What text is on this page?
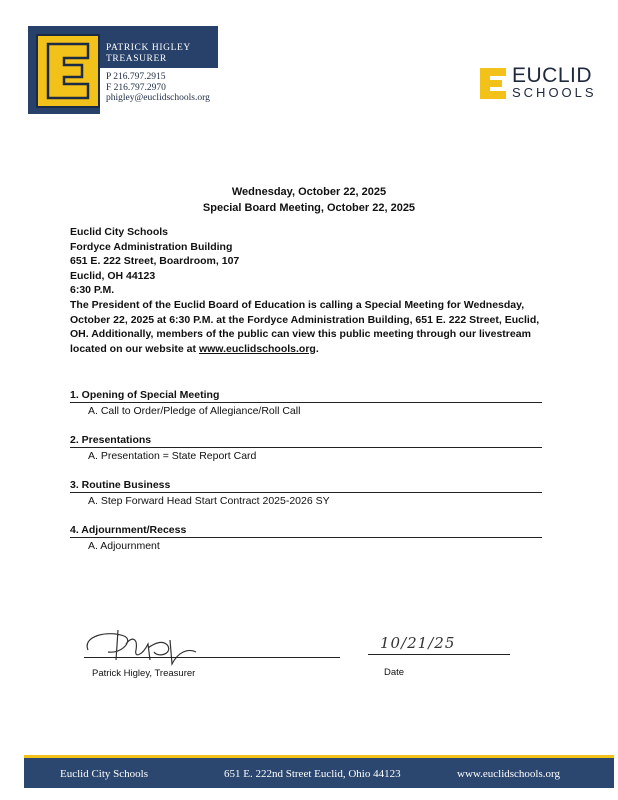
PATRICK HIGLEY
TREASURER
P 216.797.2915
F 216.797.2970
phigley@euclidschools.org
EUCLID
SCHOOLS
Wednesday, October 22, 2025
Special Board Meeting, October 22, 2025
Euclid City Schools
Fordyce Administration Building
651 E. 222 Street, Boardroom, 107
Euclid, OH 44123
6:30 P.M.
The President of the Euclid Board of Education is calling a Special Meeting for Wednesday, October 22, 2025 at 6:30 P.M. at the Fordyce Administration Building, 651 E. 222 Street, Euclid, OH. Additionally, members of the public can view this public meeting through our livestream located on our website at www.euclidschools.org.
1. Opening of Special Meeting
A. Call to Order/Pledge of Allegiance/Roll Call
2. Presentations
A. Presentation = State Report Card
3. Routine Business
A. Step Forward Head Start Contract 2025-2026 SY
4. Adjournment/Recess
A. Adjournment
Patrick Higley, Treasurer
10/21/25
Date
Euclid City Schools	651 E. 222nd Street Euclid, Ohio 44123	www.euclidschools.org
